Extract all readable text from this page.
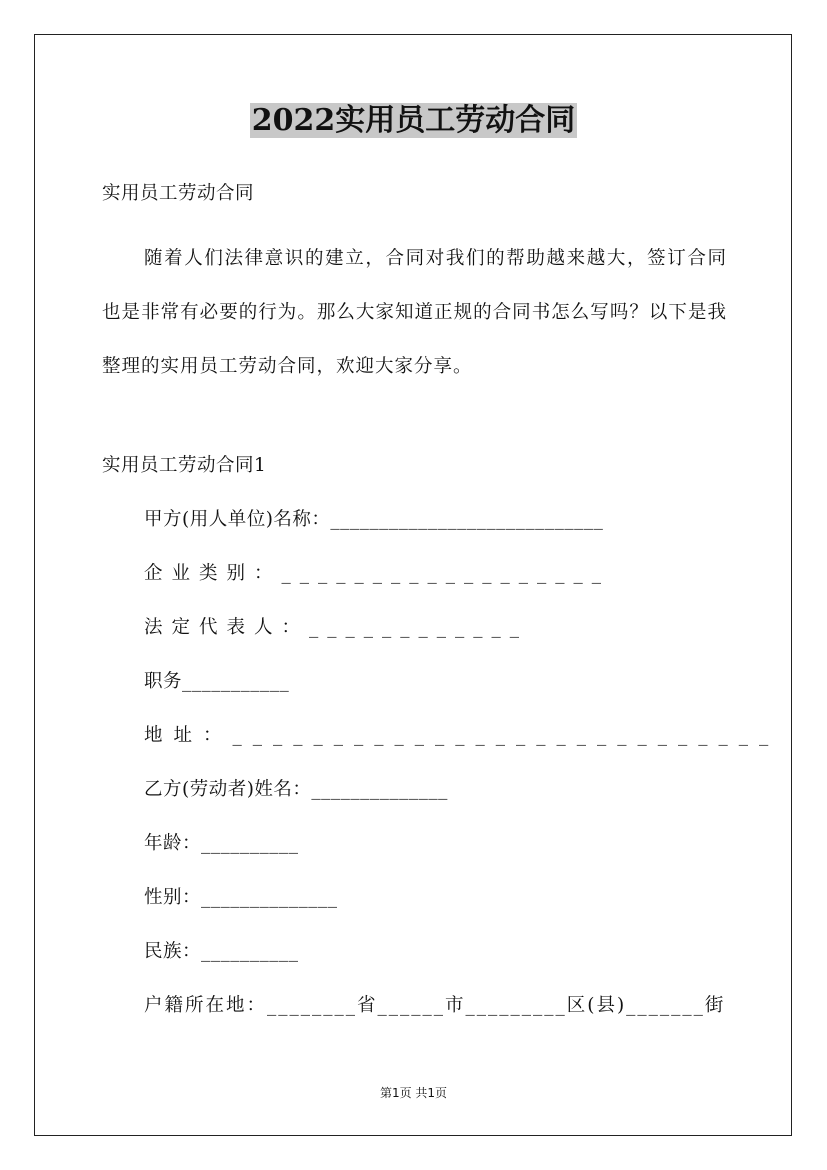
2022实用员工劳动合同
实用员工劳动合同
随着人们法律意识的建立，合同对我们的帮助越来越大，签订合同也是非常有必要的行为。那么大家知道正规的合同书怎么写吗？以下是我整理的实用员工劳动合同，欢迎大家分享。
实用员工劳动合同1
甲方(用人单位)名称：____________________________
企业类别：__________________
法定代表人：____________
职务___________
地址：___________________________
乙方(劳动者)姓名：______________
年龄：__________
性别：______________
民族：__________
户籍所在地：________省______市_________区(县)_______街
第1页 共1页
